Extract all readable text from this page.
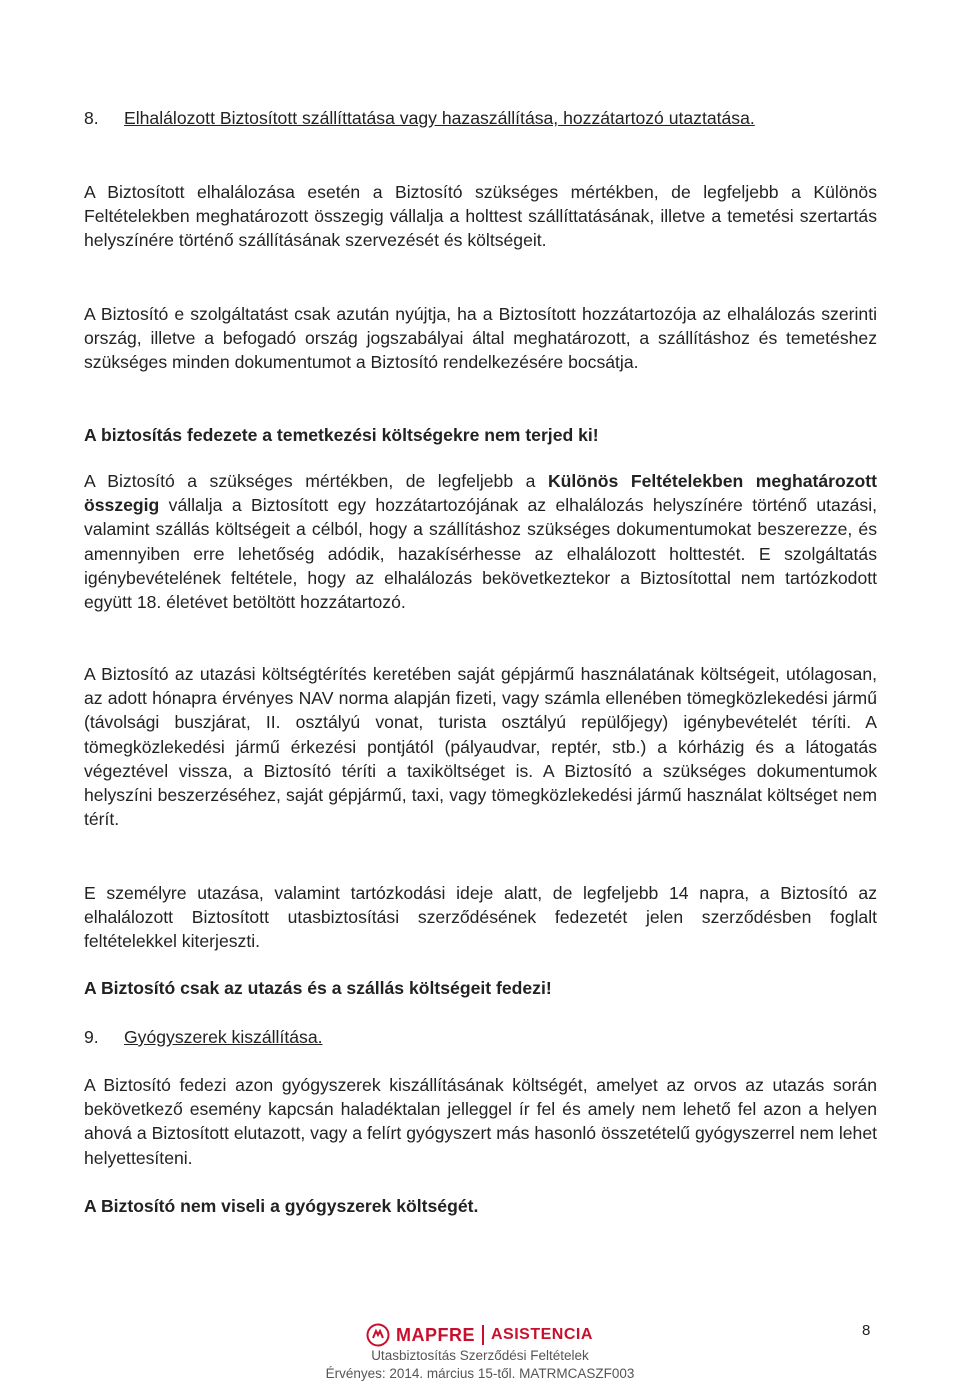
8.	Elhalálozott Biztosított szállíttatása vagy hazaszállítása, hozzátartozó utaztatása.

A Biztosított elhalálozása esetén a Biztosító szükséges mértékben, de legfeljebb a Különös Feltételekben meghatározott összegig vállalja a holttest szállíttatásának, illetve a temetési szertartás helyszínére történő szállításának szervezését és költségeit.

A Biztosító e szolgáltatást csak azután nyújtja, ha a Biztosított hozzátartozója az elhalálozás szerinti ország, illetve a befogadó ország jogszabályai által meghatározott, a szállításhoz és temetéshez szükséges minden dokumentumot a Biztosító rendelkezésére bocsátja.

A biztosítás fedezete a temetkezési költségekre nem terjed ki!

A Biztosító a szükséges mértékben, de legfeljebb a Különös Feltételekben meghatározott összegig vállalja a Biztosított egy hozzátartozójának az elhalálozás helyszínére történő utazási, valamint szállás költségeit a célból, hogy a szállításhoz szükséges dokumentumokat beszerezze, és amennyiben erre lehetőség adódik, hazakísérhesse az elhalálozott holttestét. E szolgáltatás igénybevételének feltétele, hogy az elhalálozás bekövetkeztekor a Biztosítottal nem tartózkodott együtt 18. életévet betöltött hozzátartozó.

A Biztosító az utazási költségtérítés keretében saját gépjármű használatának költségeit, utólagosan, az adott hónapra érvényes NAV norma alapján fizeti, vagy számla ellenében tömegközlekedési jármű (távolsági buszjárat, II. osztályú vonat, turista osztályú repülőjegy) igénybevételét téríti. A tömegközlekedési jármű érkezési pontjától (pályaudvar, reptér, stb.) a kórházig és a látogatás végeztével vissza, a Biztosító téríti a taxiköltséget is. A Biztosító a szükséges dokumentumok helyszíni beszerzéséhez, saját gépjármű, taxi, vagy tömegközlekedési jármű használat költséget nem térít.

E személyre utazása, valamint tartózkodási ideje alatt, de legfeljebb 14 napra, a Biztosító az elhalálozott Biztosított utasbiztosítási szerződésének fedezetét jelen szerződésben foglalt feltételekkel kiterjeszti.

A Biztosító csak az utazás és a szállás költségeit fedezi!

9.	Gyógyszerek kiszállítása.

A Biztosító fedezi azon gyógyszerek kiszállításának költségét, amelyet az orvos az utazás során bekövetkező esemény kapcsán haladéktalan jelleggel ír fel és amely nem lehető fel azon a helyen ahová a Biztosított elutazott, vagy a felírt gyógyszert más hasonló összetételű gyógyszerrel nem lehet helyettesíteni.

A Biztosító nem viseli a gyógyszerek költségét.

MAPFRE ASISTENCIA	8
Utasbiztosítás Szerződési Feltételek
Érvényes: 2014. március 15-től. MATRMCASZF003
